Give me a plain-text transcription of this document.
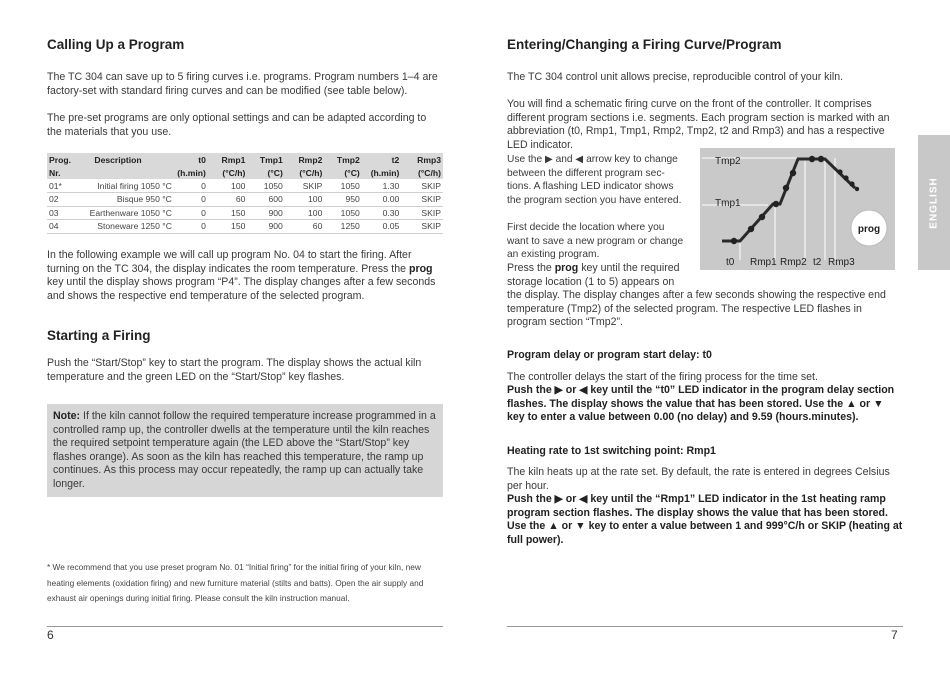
Calling Up a Program

The TC 304 can save up to 5 firing curves i.e. programs. Program numbers 1–4 are factory-set with standard firing curves and can be modified (see table below).

The pre-set programs are only optional settings and can be adapted according to the materials that you use.

Prog.	Description	t0	Rmp1	Tmp1	Rmp2	Tmp2	t2	Rmp3
Nr.		(h.min)	(°C/h)	(°C)	(°C/h)	(°C)	(h.min)	(°C/h)
01*	Initial firing 1050 °C	0	100	1050	SKIP	1050	1.30	SKIP
02	Bisque 950 °C	0	60	600	100	950	0.00	SKIP
03	Earthenware 1050 °C	0	150	900	100	1050	0.30	SKIP
04	Stoneware 1250 °C	0	150	900	60	1250	0.05	SKIP

In the following example we will call up program No. 04 to start the firing. After turning on the TC 304, the display indicates the room temperature. Press the prog key until the display shows program “P4”. The display changes after a few seconds and shows the respective end temperature of the selected program.

Starting a Firing

Push the “Start/Stop” key to start the program. The display shows the actual kiln temperature and the green LED on the “Start/Stop” key flashes.

Note: If the kiln cannot follow the required temperature increase programmed in a controlled ramp up, the controller dwells at the temperature until the kiln reaches the required setpoint temperature again (the LED above the “Start/Stop” key flashes orange). As soon as the kiln has reached this temperature, the ramp up continues. As this process may occur repeatedly, the ramp up can actually take longer.
* We recommend that you use preset program No. 01 “Initial firing” for the initial firing of your kiln, new heating elements (oxidation firing) and new furniture material (stilts and batts). Open the air supply and exhaust air openings during initial firing. Please consult the kiln instruction manual.
6
Entering/Changing a Firing Curve/Program

The TC 304 control unit allows precise, reproducible control of your kiln.

You will find a schematic firing curve on the front of the controller. It comprises different program sections i.e. segments. Each program section is marked with an abbreviation (t0, Rmp1, Tmp1, Rmp2, Tmp2, t2 and Rmp3) and has a respective LED indicator.

Use the ▶ and ◀ arrow key to change
between the different program sec-
tions. A flashing LED indicator shows
the program section you have entered.

First decide the location where you
want to save a new program or change
an existing program.

Press the prog key until the required
storage location (1 to 5) appears on
the display. The display changes after a few seconds showing the respective end temperature (Tmp2) of the selected program. The respective LED flashes in program section “Tmp2”.

Program delay or program start delay: t0

The controller delays the start of the firing process for the time set.

Push the ▶ or ◀ key until the “t0” LED indicator in the program delay section flashes. The display shows the value that has been stored. Use the ▲ or ▼ key to enter a value between 0.00 (no delay) and 9.59 (hours.minutes).

Heating rate to 1st switching point: Rmp1

The kiln heats up at the rate set. By default, the rate is entered in degrees Celsius per hour.

Push the ▶ or ◀ key until the “Rmp1” LED indicator in the 1st heating ramp program section flashes. The display shows the value that has been stored. Use the ▲ or ▼ key to enter a value between 1 and 999°C/h or SKIP (heating at full power).

7
Tmp2
Tmp1
t0 Rmp1 Rmp2 t2 Rmp3
prog
ENGLISH
